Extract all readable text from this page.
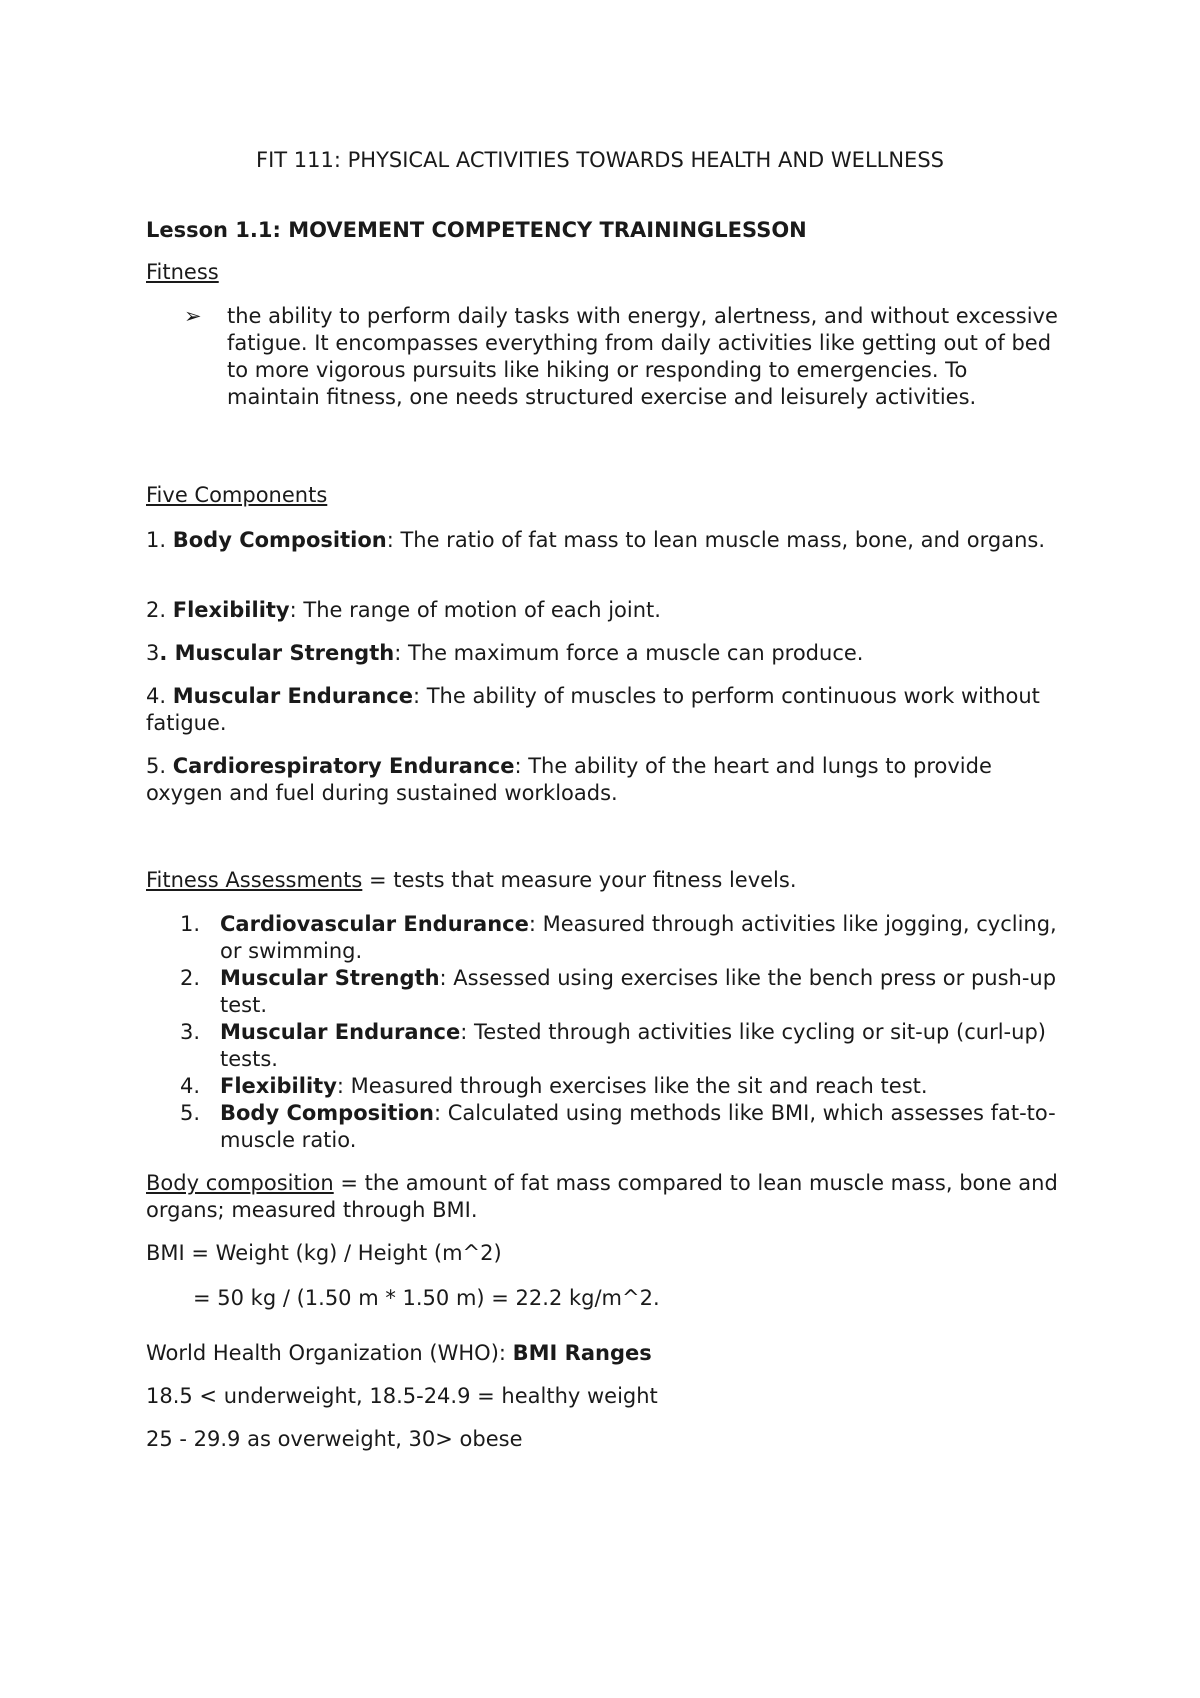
FIT 111: PHYSICAL ACTIVITIES TOWARDS HEALTH AND WELLNESS
Lesson 1.1: MOVEMENT COMPETENCY TRAININGLESSON
Fitness
➢	the ability to perform daily tasks with energy, alertness, and without excessive fatigue. It encompasses everything from daily activities like getting out of bed to more vigorous pursuits like hiking or responding to emergencies. To maintain fitness, one needs structured exercise and leisurely activities.
Five Components
1. Body Composition: The ratio of fat mass to lean muscle mass, bone, and organs.
2. Flexibility: The range of motion of each joint.
3. Muscular Strength: The maximum force a muscle can produce.
4. Muscular Endurance: The ability of muscles to perform continuous work without fatigue.
5. Cardiorespiratory Endurance: The ability of the heart and lungs to provide oxygen and fuel during sustained workloads.
Fitness Assessments = tests that measure your fitness levels.
1. Cardiovascular Endurance: Measured through activities like jogging, cycling, or swimming.
2. Muscular Strength: Assessed using exercises like the bench press or push-up test.
3. Muscular Endurance: Tested through activities like cycling or sit-up (curl-up) tests.
4. Flexibility: Measured through exercises like the sit and reach test.
5. Body Composition: Calculated using methods like BMI, which assesses fat-to-muscle ratio.
Body composition = the amount of fat mass compared to lean muscle mass, bone and organs; measured through BMI.
BMI = Weight (kg) / Height (m^2)
= 50 kg / (1.50 m * 1.50 m) = 22.2 kg/m^2.
World Health Organization (WHO): BMI Ranges
18.5 < underweight, 18.5-24.9 = healthy weight
25 - 29.9 as overweight, 30> obese
